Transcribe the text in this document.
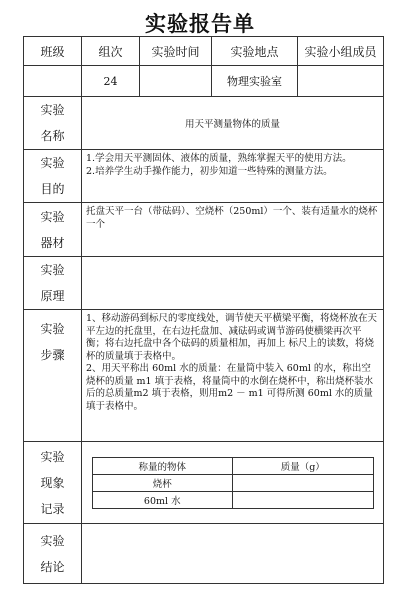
实验报告单
班级	组次	实验时间	实验地点	实验小组成员
	24		物理实验室	

实验
名称
	用天平测量物体的质量

实验
目的

1.学会用天平测固体、液体的质量，熟练掌握天平的使用方法。
2.培养学生动手操作能力，初步知道一些特殊的测量方法。

实验
器材
	托盘天平一台（带砝码）、空烧杯（250ml）一个、装有适量水的烧杯一个

实验
原理

实验
步骤

1、移动游码到标尺的零度线处，调节使天平横梁平衡，将烧杯放在天平左边的托盘里，在右边托盘加、减砝码或调节游码使横梁再次平衡；将右边托盘中各个砝码的质量相加，再加上 标尺上的读数，将烧杯的质量填于表格中。
2、用天平称出 60ml 水的质量：在量筒中装入 60ml 的水，称出空烧杯的质量 m1 填于表格，将量筒中的水倒在烧杯中，称出烧杯装水后的总质量m2 填于表格，则用m2 － m1 可得所测 60ml 水的质量填于表格中。

实验
现象
记录

称量的物体	质量（g）
烧杯	
60ml 水	

实验
结论
